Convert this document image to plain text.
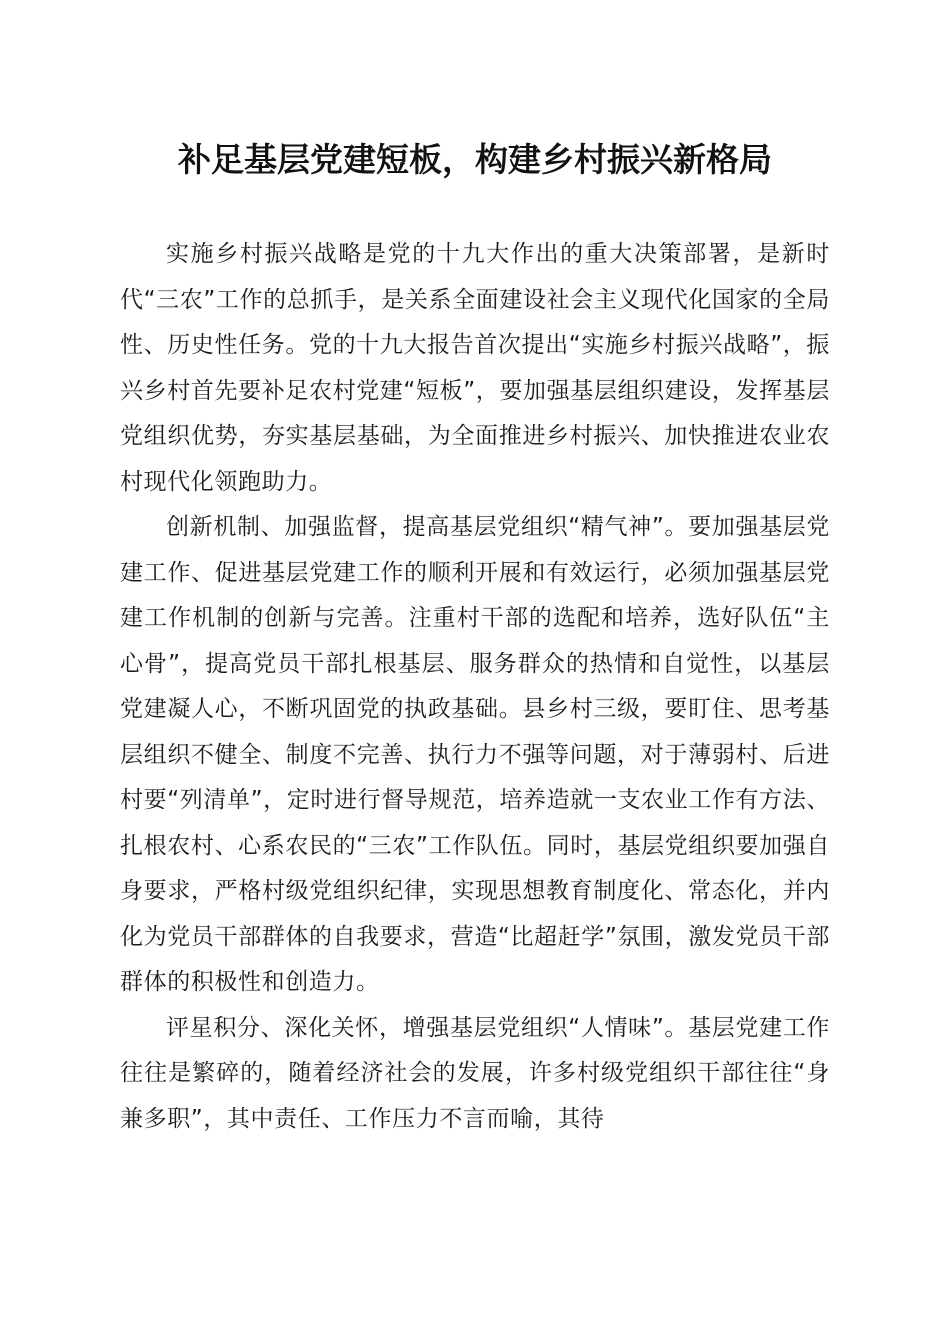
补足基层党建短板，构建乡村振兴新格局

实施乡村振兴战略是党的十九大作出的重大决策部署，是新时代“三农”工作的总抓手，是关系全面建设社会主义现代化国家的全局性、历史性任务。党的十九大报告首次提出“实施乡村振兴战略”，振兴乡村首先要补足农村党建“短板”，要加强基层组织建设，发挥基层党组织优势，夯实基层基础，为全面推进乡村振兴、加快推进农业农村现代化领跑助力。

创新机制、加强监督，提高基层党组织“精气神”。要加强基层党建工作、促进基层党建工作的顺利开展和有效运行，必须加强基层党建工作机制的创新与完善。注重村干部的选配和培养，选好队伍“主心骨”，提高党员干部扎根基层、服务群众的热情和自觉性，以基层党建凝人心，不断巩固党的执政基础。县乡村三级，要盯住、思考基层组织不健全、制度不完善、执行力不强等问题，对于薄弱村、后进村要“列清单”，定时进行督导规范，培养造就一支农业工作有方法、扎根农村、心系农民的“三农”工作队伍。同时，基层党组织要加强自身要求，严格村级党组织纪律，实现思想教育制度化、常态化，并内化为党员干部群体的自我要求，营造“比超赶学”氛围，激发党员干部群体的积极性和创造力。

评星积分、深化关怀，增强基层党组织“人情味”。基层党建工作往往是繁碎的，随着经济社会的发展，许多村级党组织干部往往“身兼多职”，其中责任、工作压力不言而喻，其待
